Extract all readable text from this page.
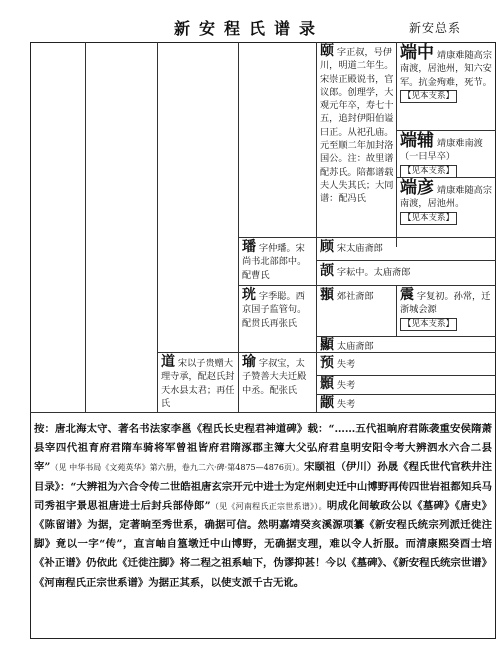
新安程氏谱录	新安总系
颐 字正叔，号伊川，明道二年生。宋崇正殿说书，官议郎。创理学，大观元年卒，寿七十五，追封伊阳伯谥曰正。从祀孔庙。元至顺二年加封洛国公。注：故里谱配苏氏。陪都谱载夫人失其氏；大同谱：配冯氏
端中 靖康难随高宗南渡，居池州，知六安军。抗金殉难，死节。 【见本支系】
端辅 靖康难南渡（一曰早卒） 【见本支系】
端彦 靖康难随高宗南渡，居池州。 【见本支系】
璠 字仲璠。宋尚书北部郎中。配曹氏
顾 宋太庙斋郎
颉 字耘中。太庙斋郎
珖 字季聪。西京国子监管句。配贯氏再张氏
頨 郊社斋郎	震 字复初。孙常，迁浙城会源 【见本支系】
顯 太庙斋郎
道 宋以子贵赠大理寺承，配赵氏封天水县太君；再任氏
瑜 字叔宝，太子赞善大夫迁殿中丞。配张氏
预 失考
顥 失考
颛 失考
按：唐北海太守、著名书法家李邕《程氏长史程君神道碑》载：“……五代祖晌府君陈袭重安侯隋萧县宰四代祖育府君隋车骑将军曾祖皆府君隋涿郡主簿大父弘府君皇明安阳令考大辨泗水六合二县宰”（见 中华书局《文苑英华》第六册，卷九二六·碑·第4875—4876页）。宋颐祖（伊川）孙晟《程氏世代官秩井注目录》：“大辨祖为六合令传二世皓祖唐玄宗开元中进士为定州刺史迁中山博野再传四世岩祖都知兵马司秀祖宇景思祖唐进士后封兵部侍郎”（见《河南程氏正宗世系谱》）。明成化间敏政公以《墓碑》《唐史》《陈留谱》为据，定著晌至秀世系，确据可信。然明嘉靖癸亥溪源项纂《新安程氏统宗列派迁徙注脚》竟以一字“传”，直言岫自篁墩迁中山博野，无确据支理，难以令人折服。而清康熙癸酉士培《补正谱》仍依此《迁徙注脚》将二程之祖系岫下，伪谬抑甚！今以《墓碑》、《新安程氏统宗世谱》《河南程氏正宗世系谱》为据正其系，以使支派千古无讹。
